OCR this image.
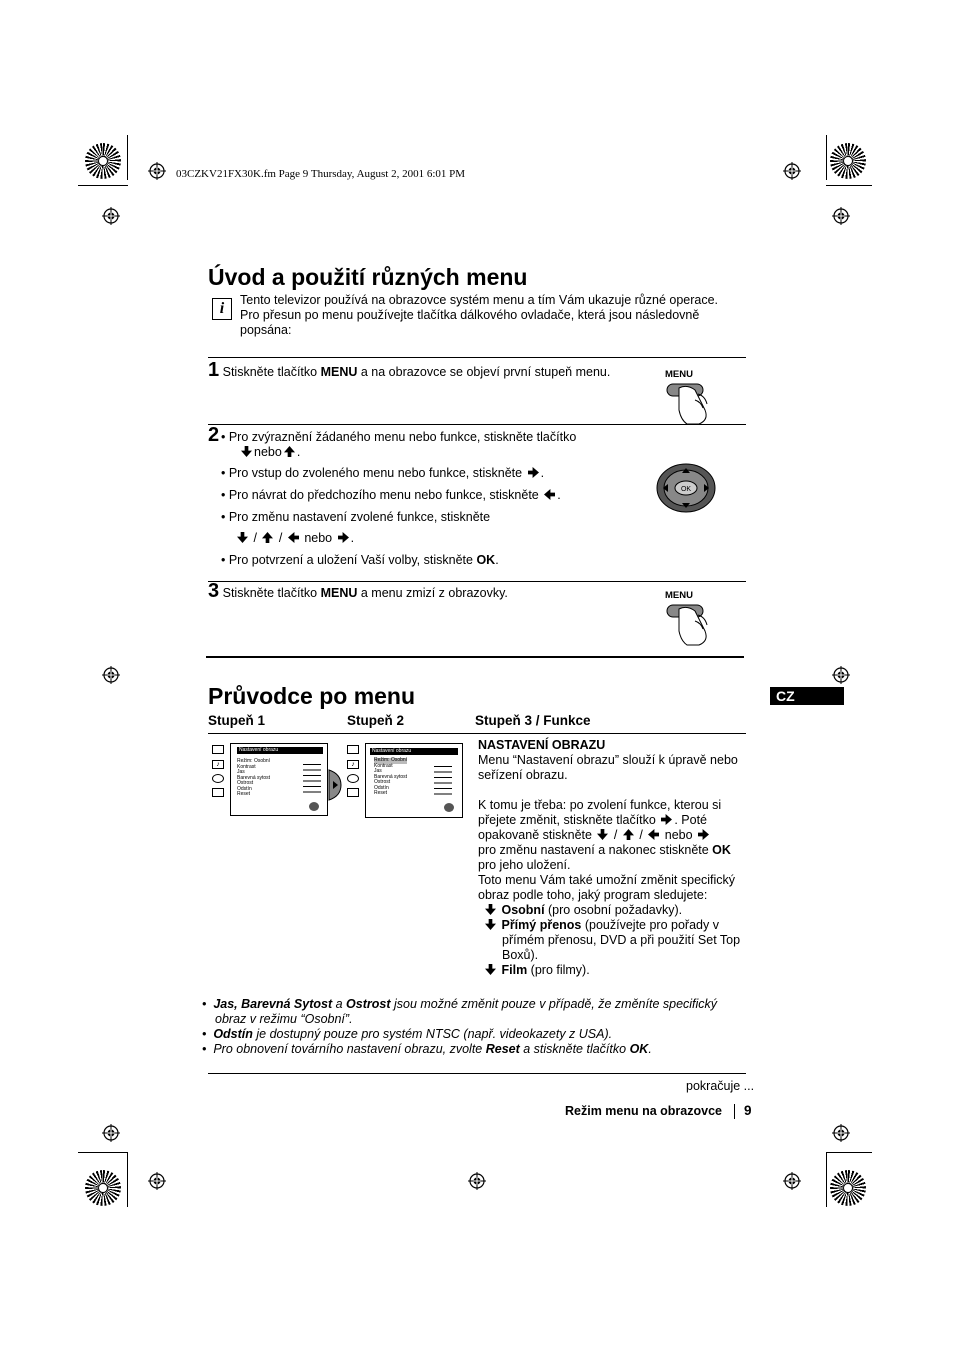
03CZKV21FX30K.fm Page 9 Thursday, August 2, 2001 6:01 PM
Úvod a použití různých menu
i	Tento televizor používá na obrazovce systém menu a tím Vám ukazuje různé operace.
Pro přesun po menu používejte tlačítka dálkového ovladače, která jsou následovně
popsána:
1 Stiskněte tlačítko MENU a na obrazovce se objeví první stupeň menu.	MENU
2 • Pro zvýraznění žádaného menu nebo funkce, stiskněte tlačítko
nebo .
• Pro vstup do zvoleného menu nebo funkce, stiskněte .
• Pro návrat do předchozího menu nebo funkce, stiskněte .
• Pro změnu nastavení zvolené funkce, stiskněte
/  /  nebo .
• Pro potvrzení a uložení Vaší volby, stiskněte OK.
OK
3 Stiskněte tlačítko MENU a menu zmizí z obrazovky.	MENU
Průvodce po menu	CZ
Stupeň 1	Stupeň 2	Stupeň 3 / Funkce
♪
Nastavení obrazu
Režim: Osobní
Kontrast
Jas
Barevná sytost
Ostrost
Odstín
Reset
♪
Nastavení obrazu
Režim: Osobní
Kontrast
Jas
Barevná sytost
Ostrost
Odstín
Reset
NASTAVENÍ OBRAZU
Menu “Nastavení obrazu” slouží k úpravě nebo
seřízení obrazu.
K tomu je třeba: po zvolení funkce, kterou si
přejete změnit, stiskněte tlačítko . Poté
opakovaně stiskněte  /  /  nebo
pro změnu nastavení a nakonec stiskněte OK
pro jeho uložení.
Toto menu Vám také umožní změnit specifický
obraz podle toho, jaký program sledujete:
Osobní (pro osobní požadavky).
Přímý přenos (používejte pro pořady v
přímém přenosu, DVD a při použití Set Top
Boxů).
Film (pro filmy).
•  Jas, Barevná Sytost a Ostrost jsou možné změnit pouze v případě, že změníte specifický
obraz v režimu “Osobní”.
•  Odstín je dostupný pouze pro systém NTSC (např. videokazety z USA).
•  Pro obnovení továrního nastavení obrazu, zvolte Reset a stiskněte tlačítko OK.
pokračuje ...
Režim menu na obrazovce 9
